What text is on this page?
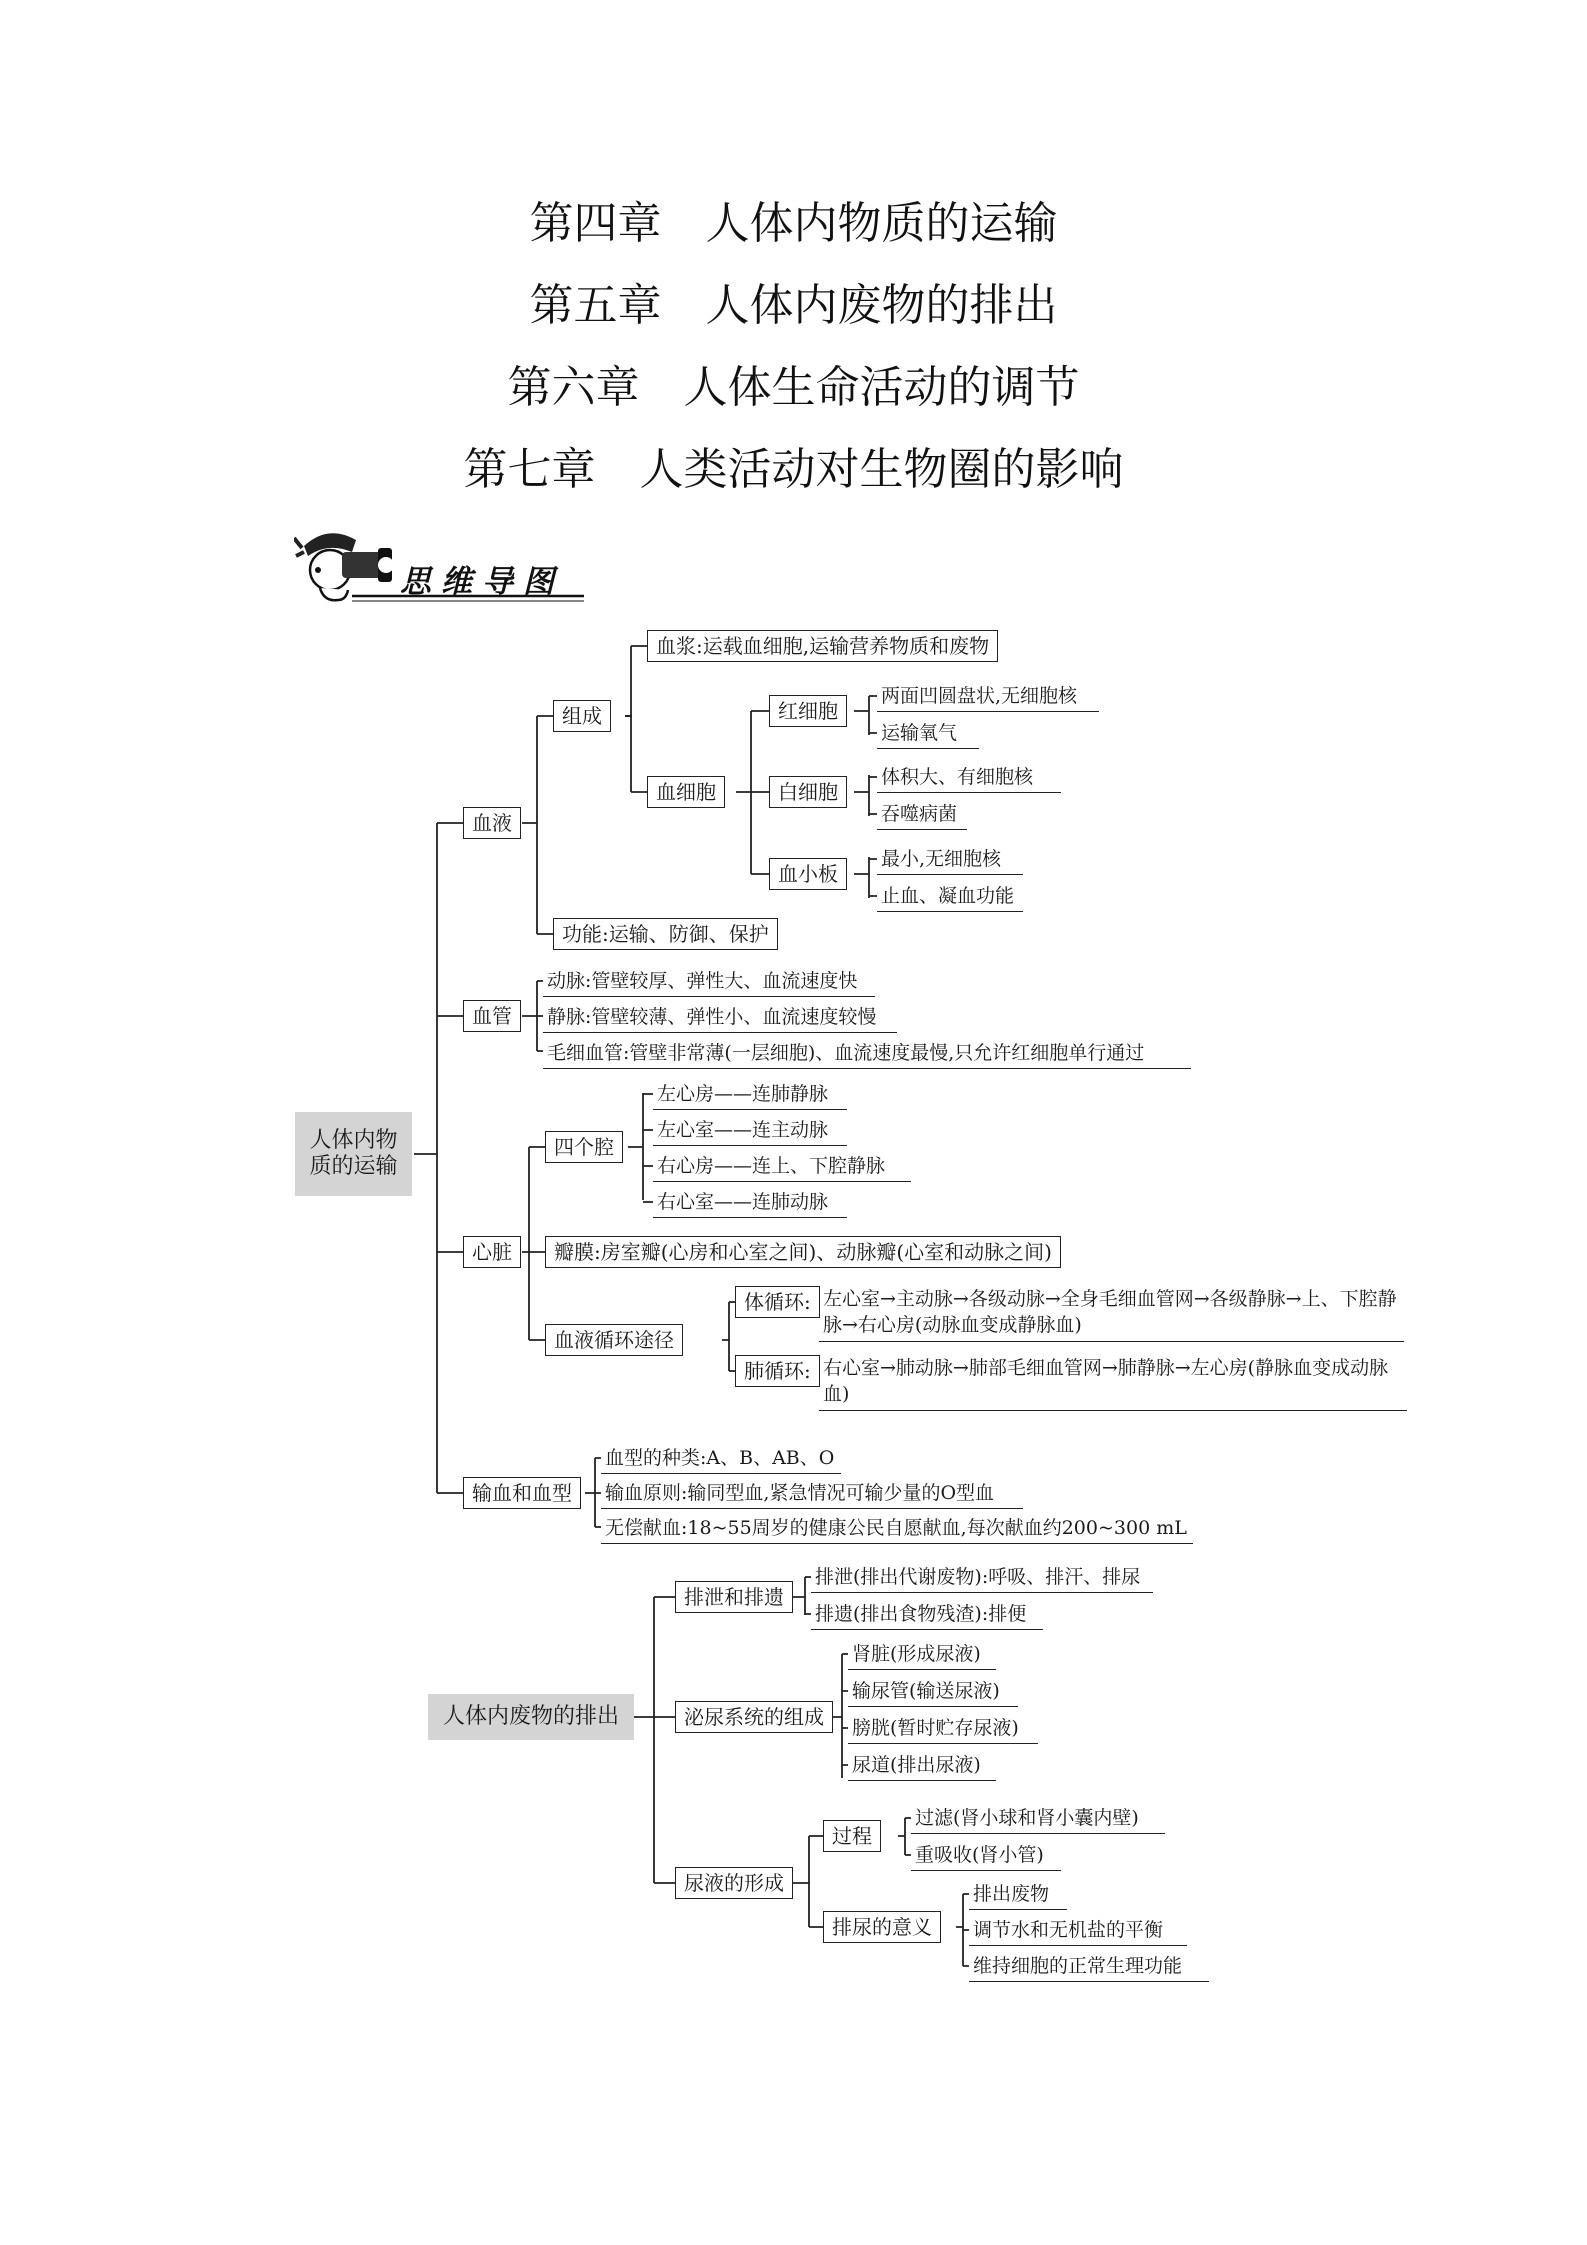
第四章　人体内物质的运输
第五章　人体内废物的排出
第六章　人体生命活动的调节
第七章　人类活动对生物圈的影响
思维导图
人体内物质的运输
血液
组成
血浆:运载血细胞,运输营养物质和废物
血细胞
红细胞
白细胞
血小板
两面凹圆盘状,无细胞核
运输氧气
体积大、有细胞核
吞噬病菌
最小,无细胞核
止血、凝血功能
功能:运输、防御、保护
血管
动脉:管壁较厚、弹性大、血流速度快
静脉:管壁较薄、弹性小、血流速度较慢
毛细血管:管壁非常薄(一层细胞)、血流速度最慢,只允许红细胞单行通过
心脏
四个腔
左心房——连肺静脉
左心室——连主动脉
右心房——连上、下腔静脉
右心室——连肺动脉
瓣膜:房室瓣(心房和心室之间)、动脉瓣(心室和动脉之间)
血液循环途径
体循环:
肺循环:
左心室→主动脉→各级动脉→全身毛细血管网→各级静脉→上、下腔静脉→右心房(动脉血变成静脉血)
右心室→肺动脉→肺部毛细血管网→肺静脉→左心房(静脉血变成动脉血)
输血和血型
血型的种类:A、B、AB、O
输血原则:输同型血,紧急情况可输少量的O型血
无偿献血:18~55周岁的健康公民自愿献血,每次献血约200~300 mL
人体内废物的排出
排泄和排遗
排泄(排出代谢废物):呼吸、排汗、排尿
排遗(排出食物残渣):排便
泌尿系统的组成
肾脏(形成尿液)
输尿管(输送尿液)
膀胱(暂时贮存尿液)
尿道(排出尿液)
尿液的形成
过程
过滤(肾小球和肾小囊内壁)
重吸收(肾小管)
排尿的意义
排出废物
调节水和无机盐的平衡
维持细胞的正常生理功能
